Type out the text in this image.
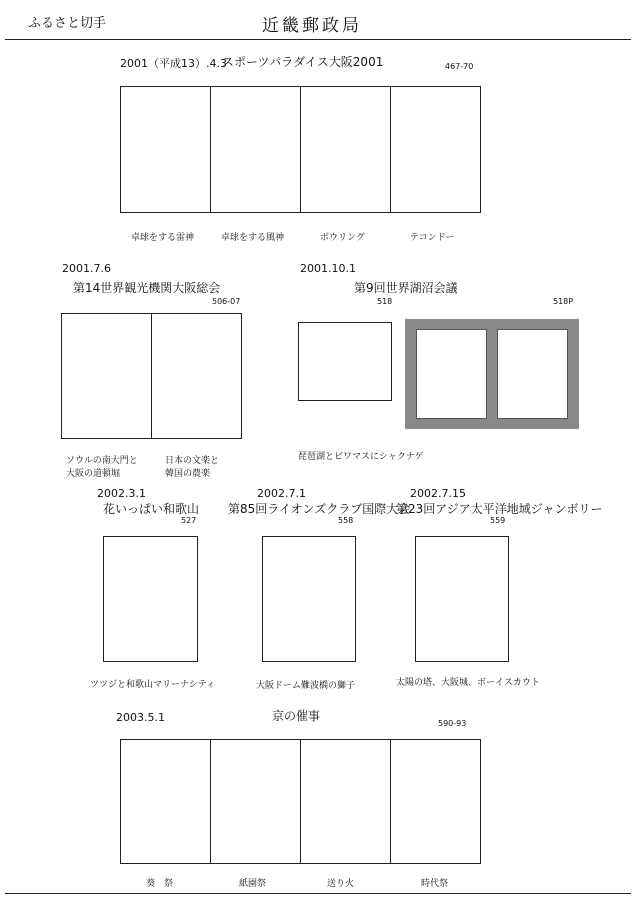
ふるさと切手	近畿郵政局
2001（平成13）.4.3
スポーツパラダイス大阪2001	467-70
卓球をする雷神	卓球をする風神	ボウリング	テコンドー
2001.7.6
第14世界観光機関大阪総会
506-07
ソウルの南大門と
大阪の道頓堀
日本の文楽と
韓国の農楽
2001.10.1
第9回世界湖沼会議
518	518P
琵琶湖とビワマスにシャクナゲ
2002.3.1
花いっぱい和歌山
527
ツツジと和歌山マリーナシティ
2002.7.1
第85回ライオンズクラブ国際大会
558
大阪ドーム難波橋の獅子
2002.7.15
第23回アジア太平洋地域ジャンボリー
559
太陽の塔、大阪城、ボーイスカウト
2003.5.1	京の催事
590-93
葵　祭	紙園祭	送り火	時代祭
